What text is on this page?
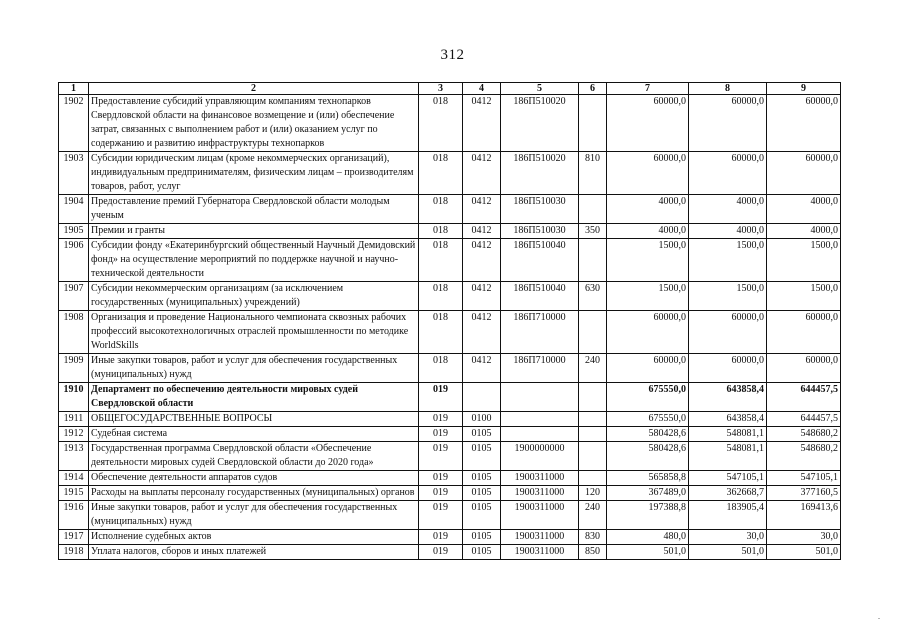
312
1	2	3	4	5	6	7	8	9
1902	Предоставление субсидий управляющим компаниям технопарков Свердловской области на финансовое возмещение и (или) обеспечение затрат, связанных с выполнением работ и (или) оказанием услуг по содержанию и развитию инфраструктуры технопарков	018	0412	186П510020		60000,0	60000,0	60000,0
1903	Субсидии юридическим лицам (кроме некоммерческих организаций), индивидуальным предпринимателям, физическим лицам – производителям товаров, работ, услуг	018	0412	186П510020	810	60000,0	60000,0	60000,0
1904	Предоставление премий Губернатора Свердловской области молодым ученым	018	0412	186П510030		4000,0	4000,0	4000,0
1905	Премии и гранты	018	0412	186П510030	350	4000,0	4000,0	4000,0
1906	Субсидии фонду «Екатеринбургский общественный Научный Демидовский фонд» на осуществление мероприятий по поддержке научной и научно-технической деятельности	018	0412	186П510040		1500,0	1500,0	1500,0
1907	Субсидии некоммерческим организациям (за исключением государственных (муниципальных) учреждений)	018	0412	186П510040	630	1500,0	1500,0	1500,0
1908	Организация и проведение Национального чемпионата сквозных рабочих профессий высокотехнологичных отраслей промышленности по методике WorldSkills	018	0412	186П710000		60000,0	60000,0	60000,0
1909	Иные закупки товаров, работ и услуг для обеспечения государственных (муниципальных) нужд	018	0412	186П710000	240	60000,0	60000,0	60000,0
1910	Департамент по обеспечению деятельности мировых судей Свердловской области	019				675550,0	643858,4	644457,5
1911	ОБЩЕГОСУДАРСТВЕННЫЕ ВОПРОСЫ	019	0100			675550,0	643858,4	644457,5
1912	Судебная система	019	0105			580428,6	548081,1	548680,2
1913	Государственная программа Свердловской области «Обеспечение деятельности мировых судей Свердловской области до 2020 года»	019	0105	1900000000		580428,6	548081,1	548680,2
1914	Обеспечение деятельности аппаратов судов	019	0105	1900311000		565858,8	547105,1	547105,1
1915	Расходы на выплаты персоналу государственных (муниципальных) органов	019	0105	1900311000	120	367489,0	362668,7	377160,5
1916	Иные закупки товаров, работ и услуг для обеспечения государственных (муниципальных) нужд	019	0105	1900311000	240	197388,8	183905,4	169413,6
1917	Исполнение судебных актов	019	0105	1900311000	830	480,0	30,0	30,0
1918	Уплата налогов, сборов и иных платежей	019	0105	1900311000	850	501,0	501,0	501,0
.
